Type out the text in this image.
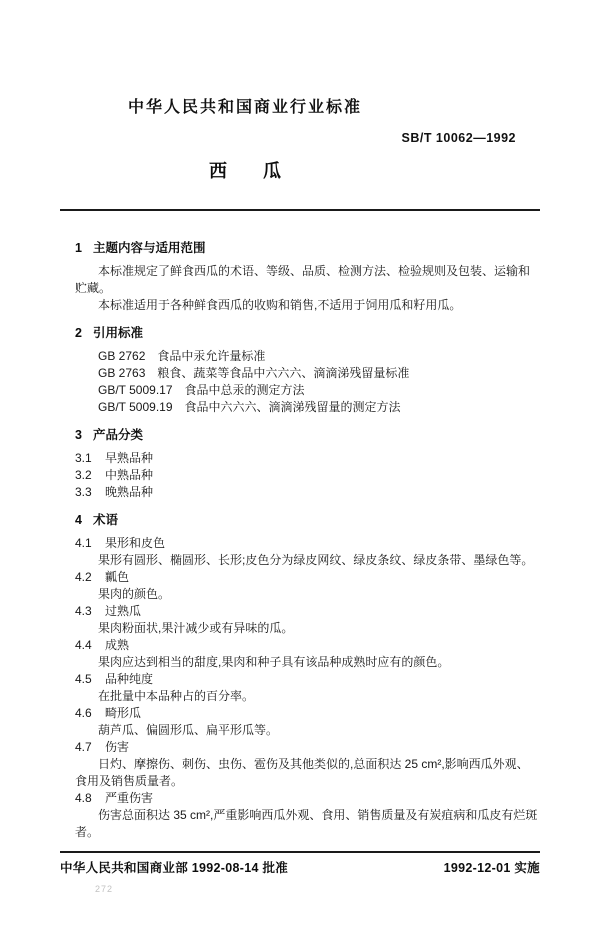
中华人民共和国商业行业标准
SB/T 10062—1992
西　　瓜
1 主题内容与适用范围
本标准规定了鲜食西瓜的术语、等级、品质、检测方法、检验规则及包装、运输和贮藏。
本标准适用于各种鲜食西瓜的收购和销售,不适用于饲用瓜和籽用瓜。
2 引用标准
GB 2762 食品中汞允许量标准
GB 2763 粮食、蔬菜等食品中六六六、滴滴涕残留量标准
GB/T 5009.17 食品中总汞的测定方法
GB/T 5009.19 食品中六六六、滴滴涕残留量的测定方法
3 产品分类
3.1 早熟品种
3.2 中熟品种
3.3 晚熟品种
4 术语
4.1 果形和皮色
果形有圆形、椭圆形、长形;皮色分为绿皮网纹、绿皮条纹、绿皮条带、墨绿色等。
4.2 瓤色
果肉的颜色。
4.3 过熟瓜
果肉粉面状,果汁减少或有异味的瓜。
4.4 成熟
果肉应达到相当的甜度,果肉和种子具有该品种成熟时应有的颜色。
4.5 品种纯度
在批量中本品种占的百分率。
4.6 畸形瓜
葫芦瓜、偏圆形瓜、扁平形瓜等。
4.7 伤害
日灼、摩擦伤、刺伤、虫伤、雹伤及其他类似的,总面积达 25 cm²,影响西瓜外观、食用及销售质量者。
4.8 严重伤害
伤害总面积达 35 cm²,严重影响西瓜外观、食用、销售质量及有炭疽病和瓜皮有烂斑者。
中华人民共和国商业部 1992-08-14 批准	1992-12-01 实施
272
